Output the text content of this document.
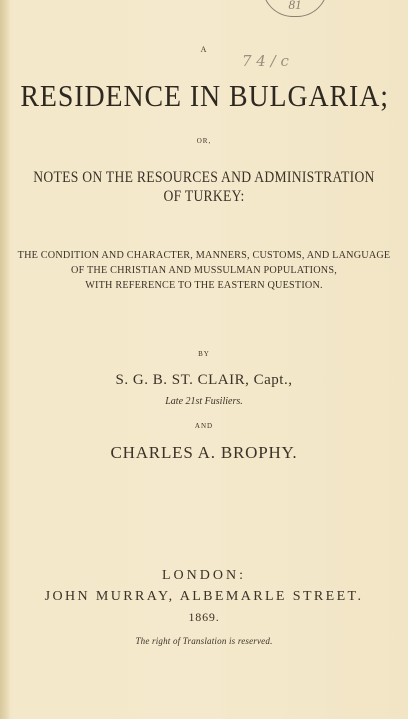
81
7 4 / c
A
RESIDENCE IN BULGARIA;
OR,
NOTES ON THE RESOURCES AND ADMINISTRATION
OF TURKEY:
THE CONDITION AND CHARACTER, MANNERS, CUSTOMS, AND LANGUAGE
OF THE CHRISTIAN AND MUSSULMAN POPULATIONS,
WITH REFERENCE TO THE EASTERN QUESTION.
BY
S. G. B. ST. CLAIR, Capt.,
Late 21st Fusiliers.
AND
CHARLES A. BROPHY.
LONDON:
JOHN MURRAY, ALBEMARLE STREET.
1869.
The right of Translation is reserved.
